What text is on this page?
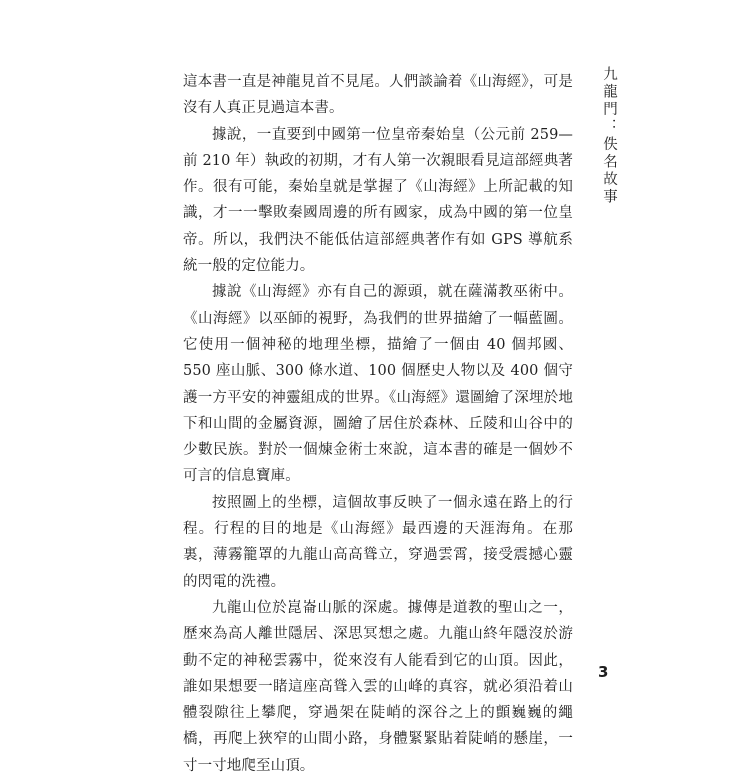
這本書一直是神龍見首不見尾。人們談論着《山海經》，可是沒有人真正見過這本書。

據說，一直要到中國第一位皇帝秦始皇（公元前 259—前 210 年）執政的初期，才有人第一次親眼看見這部經典著作。很有可能，秦始皇就是掌握了《山海經》上所記載的知識，才一一擊敗秦國周邊的所有國家，成為中國的第一位皇帝。所以，我們決不能低估這部經典著作有如 GPS 導航系統一般的定位能力。

據說《山海經》亦有自己的源頭，就在薩滿教巫術中。《山海經》以巫師的視野，為我們的世界描繪了一幅藍圖。它使用一個神秘的地理坐標，描繪了一個由 40 個邦國、550 座山脈、300 條水道、100 個歷史人物以及 400 個守護一方平安的神靈組成的世界。《山海經》還圖繪了深埋於地下和山間的金屬資源，圖繪了居住於森林、丘陵和山谷中的少數民族。對於一個煉金術士來說，這本書的確是一個妙不可言的信息寶庫。

按照圖上的坐標，這個故事反映了一個永遠在路上的行程。行程的目的地是《山海經》最西邊的天涯海角。在那裏，薄霧籠罩的九龍山高高聳立，穿過雲霄，接受震撼心靈的閃電的洗禮。

九龍山位於崑崙山脈的深處。據傳是道教的聖山之一，歷來為高人離世隱居、深思冥想之處。九龍山終年隱沒於游動不定的神秘雲霧中，從來沒有人能看到它的山頂。因此，誰如果想要一睹這座高聳入雲的山峰的真容，就必須沿着山體裂隙往上攀爬，穿過架在陡峭的深谷之上的顫巍巍的繩橋，再爬上狹窄的山間小路，身體緊緊貼着陡峭的懸崖，一寸一寸地爬至山頂。

九龍門：佚名故事
3
